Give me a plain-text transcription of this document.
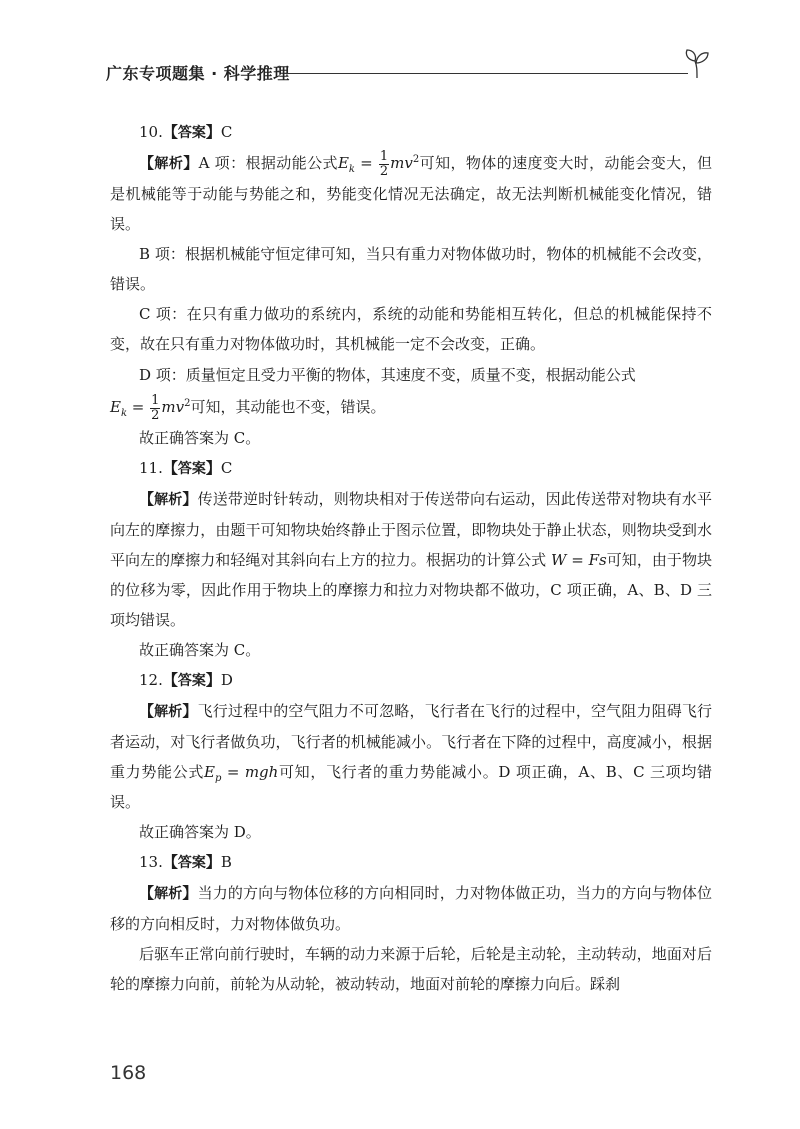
广东专项题集 · 科学推理

10.【答案】C

【解析】A 项：根据动能公式$E_k = \frac{1}{2} mv^2$可知，物体的速度变大时，动能会变大，但是机械能等于动能与势能之和，势能变化情况无法确定，故无法判断机械能变化情况，错误。

B 项：根据机械能守恒定律可知，当只有重力对物体做功时，物体的机械能不会改变，错误。

C 项：在只有重力做功的系统内，系统的动能和势能相互转化，但总的机械能保持不变，故在只有重力对物体做功时，其机械能一定不会改变，正确。

D 项：质量恒定且受力平衡的物体，其速度不变，质量不变，根据动能公式
$E_k = \frac{1}{2} mv^2$可知，其动能也不变，错误。

故正确答案为 C。

11.【答案】C

【解析】传送带逆时针转动，则物块相对于传送带向右运动，因此传送带对物块有水平向左的摩擦力，由题干可知物块始终静止于图示位置，即物块处于静止状态，则物块受到水平向左的摩擦力和轻绳对其斜向右上方的拉力。根据功的计算公式 W = Fs可知，由于物块的位移为零，因此作用于物块上的摩擦力和拉力对物块都不做功，C 项正确，A、B、D 三项均错误。

故正确答案为 C。

12.【答案】D

【解析】飞行过程中的空气阻力不可忽略，飞行者在飞行的过程中，空气阻力阻碍飞行者运动，对飞行者做负功，飞行者的机械能减小。飞行者在下降的过程中，高度减小，根据重力势能公式$E_p$ = mgh可知，飞行者的重力势能减小。D 项正确，A、B、C 三项均错误。

故正确答案为 D。

13.【答案】B

【解析】当力的方向与物体位移的方向相同时，力对物体做正功，当力的方向与物体位移的方向相反时，力对物体做负功。

后驱车正常向前行驶时，车辆的动力来源于后轮，后轮是主动轮，主动转动，地面对后轮的摩擦力向前，前轮为从动轮，被动转动，地面对前轮的摩擦力向后。踩刹

168
